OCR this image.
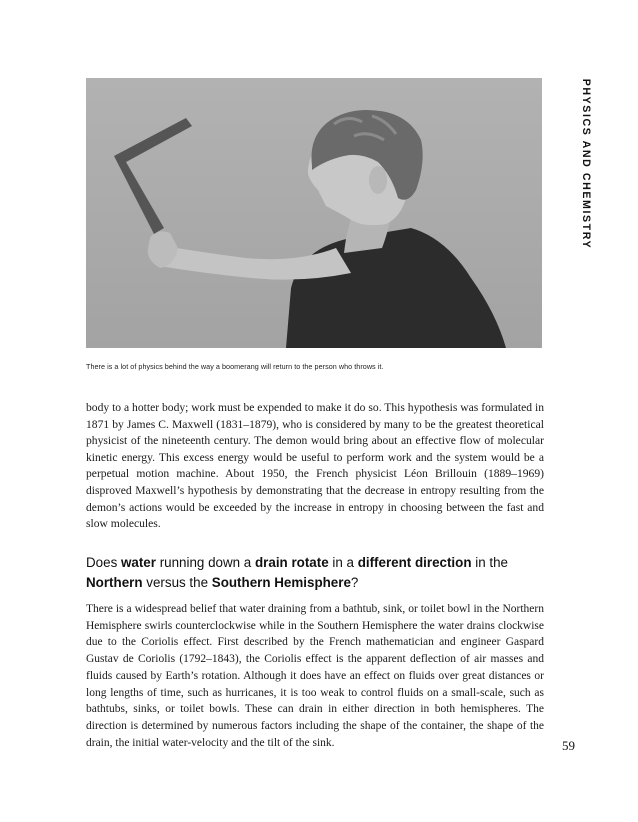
There is a lot of physics behind the way a boomerang will return to the person who throws it.
PHYSICS AND CHEMISTRY

body to a hotter body; work must be expended to make it do so. This hypothesis was formulated in 1871 by James C. Maxwell (1831–1879), who is considered by many to be the greatest theoretical physicist of the nineteenth century. The demon would bring about an effective flow of molecular kinetic energy. This excess energy would be useful to perform work and the system would be a perpetual motion machine. About 1950, the French physicist Léon Brillouin (1889–1969) disproved Maxwell’s hypothesis by demonstrating that the decrease in entropy resulting from the demon’s actions would be exceeded by the increase in entropy in choosing between the fast and slow molecules.

Does water running down a drain rotate in a different direction in the
Northern versus the Southern Hemisphere?

There is a widespread belief that water draining from a bathtub, sink, or toilet bowl in the Northern Hemisphere swirls counterclockwise while in the Southern Hemisphere the water drains clockwise due to the Coriolis effect. First described by the French mathematician and engineer Gaspard Gustav de Coriolis (1792–1843), the Coriolis effect is the apparent deflection of air masses and fluids caused by Earth’s rotation. Although it does have an effect on fluids over great distances or long lengths of time, such as hurricanes, it is too weak to control fluids on a small-scale, such as bathtubs, sinks, or toilet bowls. These can drain in either direction in both hemispheres. The direction is determined by numerous factors including the shape of the container, the shape of the drain, the initial water-velocity and the tilt of the sink.	59
